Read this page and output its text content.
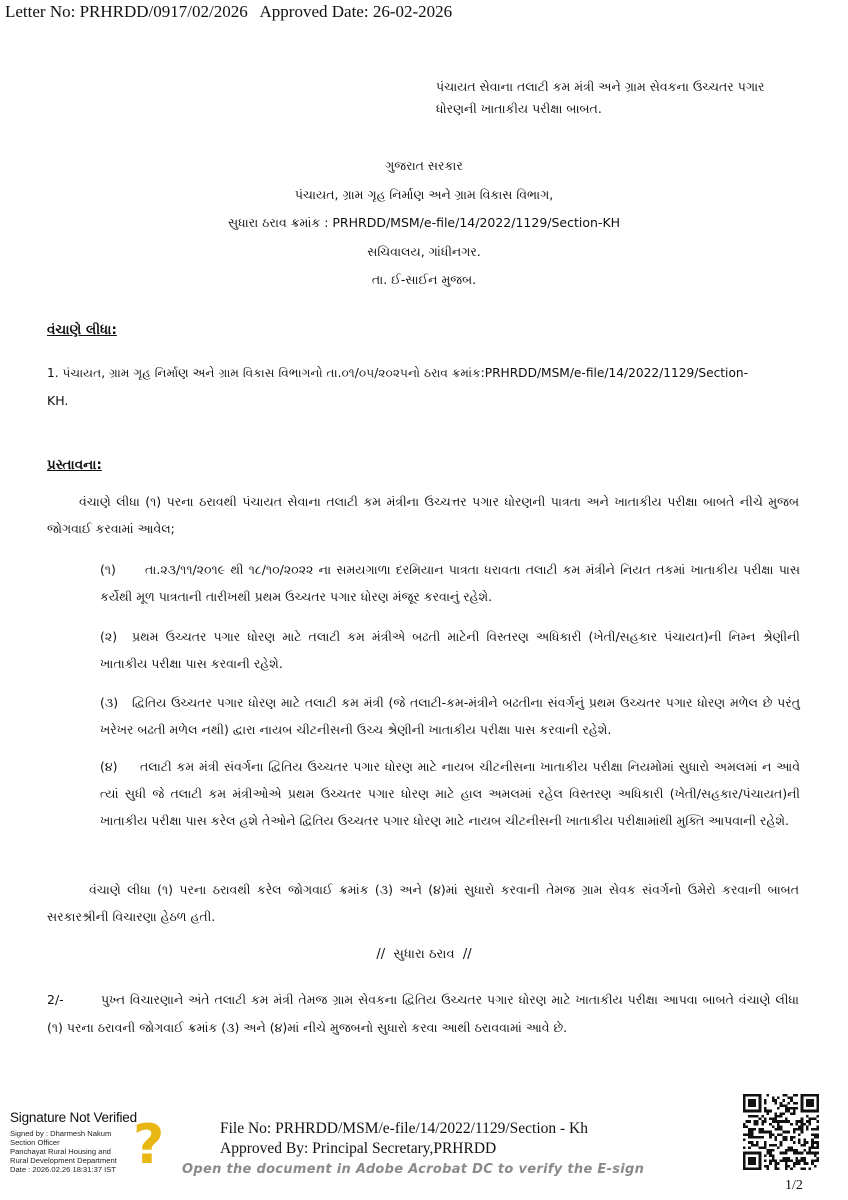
Letter No: PRHRDD/0917/02/2026   Approved Date: 26-02-2026
પંચાયત સેવાના તલાટી કમ મંત્રી અને ગ્રામ સેવકના ઉચ્ચતર પગાર
ધોરણની ખાતાકીય પરીક્ષા બાબત.
ગુજરાત સરકાર
પંચાયત, ગ્રામ ગૃહ નિર્માણ અને ગ્રામ વિકાસ વિભાગ,
સુધારા ઠરાવ ક્રમાંક : PRHRDD/MSM/e-file/14/2022/1129/Section-KH
સચિવાલય, ગાંધીનગર.
તા. ઈ-સાઈન મુજબ.
વંચાણે લીધા:
1. પંચાયત, ગ્રામ ગૃહ નિર્માણ અને ગ્રામ વિકાસ વિભાગનો તા.૦૧/૦૫/૨૦૨૫નો ઠરાવ ક્રમાંક:PRHRDD/MSM/e-file/14/2022/1129/Section-
KH.
પ્રસ્તાવના:
વંચાણે લીધા (૧) પરના ઠરાવથી પંચાયત સેવાના તલાટી કમ મંત્રીના ઉચ્ચત્તર પગાર ધોરણની પાત્રતા અને ખાતાકીય પરીક્ષા બાબતે નીચે મુજબ જોગવાઈ કરવામાં આવેલ;
(૧) તા.૨૩/૧૧/૨૦૧૯ થી ૧૮/૧૦/૨૦૨૨ ના સમયગાળા દરમિયાન પાત્રતા ધરાવતા તલાટી કમ મંત્રીને નિયત તકમાં ખાતાકીય પરીક્ષા પાસ કર્યેથી મૂળ પાત્રતાની તારીખથી પ્રથમ ઉચ્ચતર પગાર ધોરણ મંજૂર કરવાનું રહેશે.
(૨) પ્રથમ ઉચ્ચતર પગાર ધોરણ માટે તલાટી કમ મંત્રીએ બઢતી માટેની વિસ્તરણ અધિકારી (ખેતી/સહકાર પંચાયત)ની નિમ્ન શ્રેણીની ખાતાકીય પરીક્ષા પાસ કરવાની રહેશે.
(૩) દ્વિતિય ઉચ્ચતર પગાર ધોરણ માટે તલાટી કમ મંત્રી (જે તલાટી-કમ-મંત્રીને બઢતીના સંવર્ગનું પ્રથમ ઉચ્ચતર પગાર ધોરણ મળેલ છે પરંતુ ખરેખર બઢતી મળેલ નથી) દ્વારા નાયબ ચીટનીસની ઉચ્ચ શ્રેણીની ખાતાકીય પરીક્ષા પાસ કરવાની રહેશે.
(૪) તલાટી કમ મંત્રી સંવર્ગના દ્વિતિય ઉચ્ચતર પગાર ધોરણ માટે નાયબ ચીટનીસના ખાતાકીય પરીક્ષા નિયમોમાં સુધારો અમલમાં ન આવે ત્યાં સુધી જે તલાટી કમ મંત્રીઓએ પ્રથમ ઉચ્ચતર પગાર ધોરણ માટે હાલ અમલમાં રહેલ વિસ્તરણ અધિકારી (ખેતી/સહકાર/પંચાયત)ની ખાતાકીય પરીક્ષા પાસ કરેલ હશે તેઓને દ્વિતિય ઉચ્ચતર પગાર ધોરણ માટે નાયબ ચીટનીસની ખાતાકીય પરીક્ષામાંથી મુક્તિ આપવાની રહેશે.
વંચાણે લીધા (૧) પરના ઠરાવથી કરેલ જોગવાઈ ક્રમાંક (૩) અને (૪)માં સુધારો કરવાની તેમજ ગ્રામ સેવક સંવર્ગનો ઉમેરો કરવાની બાબત સરકારશ્રીની વિચારણા હેઠળ હતી.
//  સુધારા ઠરાવ  //
2/-	પુખ્ત વિચારણાને અંતે તલાટી કમ મંત્રી તેમજ ગ્રામ સેવકના દ્વિતિય ઉચ્ચતર પગાર ધોરણ માટે ખાતાકીય પરીક્ષા આપવા બાબતે વંચાણે લીધા (૧) પરના ઠરાવની જોગવાઈ ક્રમાંક (૩) અને (૪)માં નીચે મુજબનો સુધારો કરવા આથી ઠરાવવામાં આવે છે.
Signature Not Verified
Signed by : Dharmesh Nakum
Section Officer
Panchayat Rural Housing and
Rural Development Department
Date : 2026.02.26 18:31:37 IST ?	File No: PRHRDD/MSM/e-file/14/2022/1129/Section - Kh
Approved By: Principal Secretary,PRHRDD
Open the document in Adobe Acrobat DC to verify the E-sign
1/2
